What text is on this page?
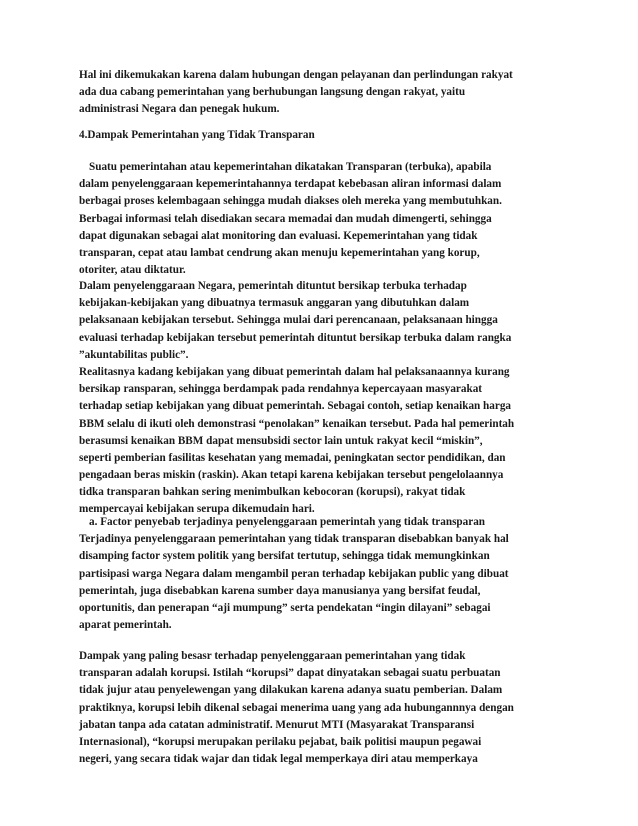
Hal ini dikemukakan karena dalam hubungan dengan pelayanan dan perlindungan rakyat
ada dua cabang pemerintahan yang berhubungan langsung dengan rakyat, yaitu
administrasi Negara dan penegak hukum.
4.Dampak Pemerintahan yang Tidak Transparan
Suatu pemerintahan atau kepemerintahan dikatakan Transparan (terbuka), apabila
dalam penyelenggaraan kepemerintahannya terdapat kebebasan aliran informasi dalam
berbagai proses kelembagaan sehingga mudah diakses oleh mereka yang membutuhkan.
Berbagai informasi telah disediakan secara memadai dan mudah dimengerti, sehingga
dapat digunakan sebagai alat monitoring dan evaluasi. Kepemerintahan yang tidak
transparan, cepat atau lambat cendrung akan menuju kepemerintahan yang korup,
otoriter, atau diktatur.
Dalam penyelenggaraan Negara, pemerintah dituntut bersikap terbuka terhadap
kebijakan-kebijakan yang dibuatnya termasuk anggaran yang dibutuhkan dalam
pelaksanaan kebijakan tersebut. Sehingga mulai dari perencanaan, pelaksanaan hingga
evaluasi terhadap kebijakan tersebut pemerintah dituntut bersikap terbuka dalam rangka
”akuntabilitas public”.
Realitasnya kadang kebijakan yang dibuat pemerintah dalam hal pelaksanaannya kurang
bersikap ransparan, sehingga berdampak pada rendahnya kepercayaan masyarakat
terhadap setiap kebijakan yang dibuat pemerintah. Sebagai contoh, setiap kenaikan harga
BBM selalu di ikuti oleh demonstrasi “penolakan” kenaikan tersebut. Pada hal pemerintah
berasumsi kenaikan BBM dapat mensubsidi sector lain untuk rakyat kecil “miskin”,
seperti pemberian fasilitas kesehatan yang memadai, peningkatan sector pendidikan, dan
pengadaan beras miskin (raskin). Akan tetapi karena kebijakan tersebut pengelolaannya
tidka transparan bahkan sering menimbulkan kebocoran (korupsi), rakyat tidak
mempercayai kebijakan serupa dikemudain hari.
a. Factor penyebab terjadinya penyelenggaraan pemerintah yang tidak transparan
Terjadinya penyelenggaraan pemerintahan yang tidak transparan disebabkan banyak hal
disamping factor system politik yang bersifat tertutup, sehingga tidak memungkinkan
partisipasi warga Negara dalam mengambil peran terhadap kebijakan public yang dibuat
pemerintah, juga disebabkan karena sumber daya manusianya yang bersifat feudal,
oportunitis, dan penerapan “aji mumpung” serta pendekatan “ingin dilayani” sebagai
aparat pemerintah.
Dampak yang paling besasr terhadap penyelenggaraan pemerintahan yang tidak
transparan adalah korupsi. Istilah “korupsi” dapat dinyatakan sebagai suatu perbuatan
tidak jujur atau penyelewengan yang dilakukan karena adanya suatu pemberian. Dalam
praktiknya, korupsi lebih dikenal sebagai menerima uang yang ada hubungannnya dengan
jabatan tanpa ada catatan administratif. Menurut MTI (Masyarakat Transparansi
Internasional), “korupsi merupakan perilaku pejabat, baik politisi maupun pegawai
negeri, yang secara tidak wajar dan tidak legal memperkaya diri atau memperkaya
